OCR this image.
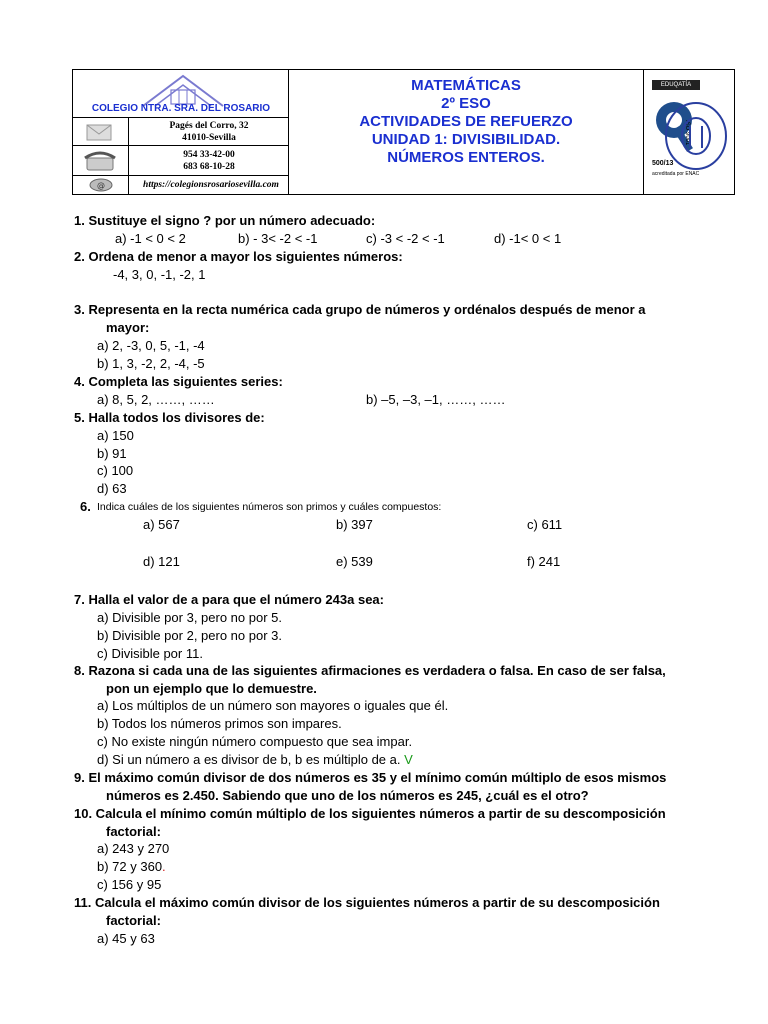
COLEGIO NTRA. SRA. DEL ROSARIO
Pagés del Corro, 32
41010-Sevilla
954 33-42-00
683 68-10-28
@	https://colegionsrosariosevilla.com
MATEMÁTICAS
2º ESO
ACTIVIDADES DE REFUERZO
UNIDAD 1: DIVISIBILIDAD.
NÚMEROS ENTEROS.
EDUQATÍA
ISO 9001
500/13
acreditada por ENAC
1. Sustituye el signo ? por un número adecuado:
a) -1 < 0 < 2	b) - 3< -2 < -1	c) -3 < -2 < -1	d) -1< 0 < 1
2. Ordena de menor a mayor los siguientes números:
-4, 3, 0, -1, -2, 1
3. Representa en la recta numérica cada grupo de números y ordénalos después de menor a
mayor:
a) 2, -3, 0, 5, -1, -4
b) 1, 3, -2, 2, -4, -5
4. Completa las siguientes series:
a) 8, 5, 2, ……, ……	b) –5, –3, –1, ……, ……
5. Halla todos los divisores de:
a) 150
b) 91
c) 100
d) 63
6. Indica cuáles de los siguientes números son primos y cuáles compuestos:
a) 567	b) 397	c) 611
d) 121	e) 539	f) 241
7. Halla el valor de a para que el número 243a sea:
a) Divisible por 3, pero no por 5.
b) Divisible por 2, pero no por 3.
c) Divisible por 11.
8. Razona si cada una de las siguientes afirmaciones es verdadera o falsa. En caso de ser falsa,
pon un ejemplo que lo demuestre.
a) Los múltiplos de un número son mayores o iguales que él.
b) Todos los números primos son impares.
c) No existe ningún número compuesto que sea impar.
d) Si un número a es divisor de b, b es múltiplo de a. V
9. El máximo común divisor de dos números es 35 y el mínimo común múltiplo de esos mismos
números es 2.450. Sabiendo que uno de los números es 245, ¿cuál es el otro?
10. Calcula el mínimo común múltiplo de los siguientes números a partir de su descomposición
factorial:
a) 243 y 270
b) 72 y 360.
c) 156 y 95
11. Calcula el máximo común divisor de los siguientes números a partir de su descomposición
factorial:
a) 45 y 63
